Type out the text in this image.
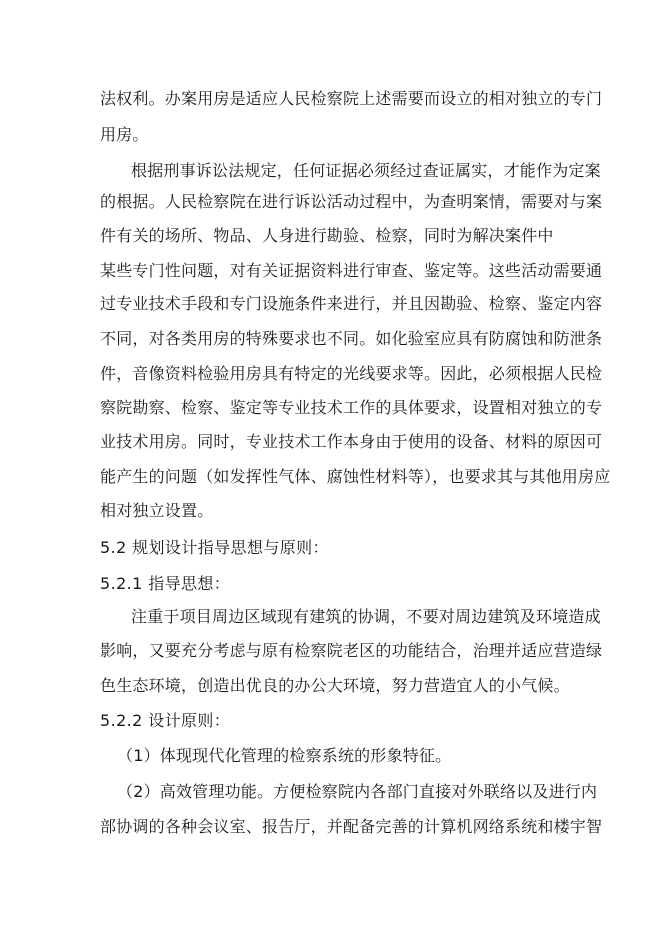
法权利。办案用房是适应人民检察院上述需要而设立的相对独立的专门
用房。
根据刑事诉讼法规定，任何证据必须经过查证属实，才能作为定案
的根据。人民检察院在进行诉讼活动过程中，为查明案情，需要对与案
件有关的场所、物品、人身进行勘验、检察，同时为解决案件中
某些专门性问题，对有关证据资料进行审查、鉴定等。这些活动需要通
过专业技术手段和专门设施条件来进行，并且因勘验、检察、鉴定内容
不同，对各类用房的特殊要求也不同。如化验室应具有防腐蚀和防泄条
件，音像资料检验用房具有特定的光线要求等。因此，必须根据人民检
察院勘察、检察、鉴定等专业技术工作的具体要求，设置相对独立的专
业技术用房。同时，专业技术工作本身由于使用的设备、材料的原因可
能产生的问题（如发挥性气体、腐蚀性材料等），也要求其与其他用房应
相对独立设置。
5.2 规划设计指导思想与原则：
5.2.1 指导思想：
注重于项目周边区域现有建筑的协调，不要对周边建筑及环境造成
影响，又要充分考虑与原有检察院老区的功能结合，治理并适应营造绿
色生态环境，创造出优良的办公大环境，努力营造宜人的小气候。
5.2.2 设计原则：
（1）体现现代化管理的检察系统的形象特征。
（2）高效管理功能。方便检察院内各部门直接对外联络以及进行内
部协调的各种会议室、报告厅，并配备完善的计算机网络系统和楼宇智
